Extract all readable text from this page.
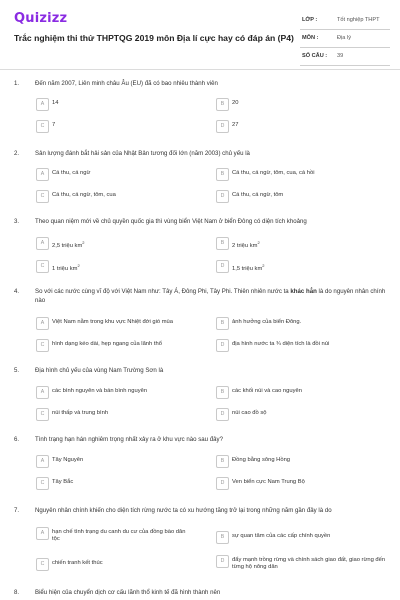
Quizizz
Trắc nghiệm thi thử THPTQG 2019 môn Địa lí cực hay có đáp án (P4)
LỚP :	Tốt nghiệp THPT
MÔN :	Địa lý
SỐ CÂU : 39
1.	Đến năm 2007, Liên minh châu Âu (EU) đã có bao nhiêu thành viên
A	14	B	20
C	7	D	27
2.	Sản lượng đánh bắt hải sản của Nhật Bản tương đối lớn (năm 2003) chủ yếu là
A	Cá thu, cá ngừ	B	Cá thu, cá ngừ, tôm, cua, cá hồi
C	Cá thu, cá ngừ, tôm, cua	D	Cá thu, cá ngừ, tôm
3.	Theo quan niệm mới về chủ quyền quốc gia thì vùng biển Việt Nam ở biển Đông có diện tích khoảng
A	2,5 triệu $km^2$	B	2 triệu $km^2$
C	1 triệu $km^2$	D	1,5 triệu $km^2$
4.	So với các nước cùng vĩ độ với Việt Nam như: Tây Á, Đông Phi, Tây Phi. Thiên nhiên nước ta khác hẳn là do nguyên nhân chính nào
A	Việt Nam nằm trong khu vực Nhiệt đới gió mùa	B	ảnh hưởng của biển Đông.
C	hình dạng kéo dài, hẹp ngang của lãnh thổ	D	địa hình nước ta ¾ diện tích là đồi núi
5.	Địa hình chủ yếu của vùng Nam Trường Sơn là
A	các bình nguyên và bán bình nguyên	B	các khối núi và cao nguyên
C	núi thấp và trung bình	D	núi cao đồ sộ
6.	Tình trạng hạn hán nghiêm trọng nhất xảy ra ở khu vực nào sau đây?
A	Tây Nguyên	B	Đồng bằng sông Hồng
C	Tây Bắc	D	Ven biển cực Nam Trung Bộ
7.	Nguyên nhân chính khiến cho diện tích rừng nước ta có xu hướng tăng trở lại trong những năm gần đây là do
A	hạn chế tình trạng du canh du cư của đồng bào dân tộc	B	sự quan tâm của các cấp chính quyền
C	chiến tranh kết thúc	D	đẩy mạnh trồng rừng và chính sách giao đất, giao rừng đến từng hộ nông dân
8.	Biểu hiện của chuyển dịch cơ cấu lãnh thổ kinh tế đã hình thành nên
